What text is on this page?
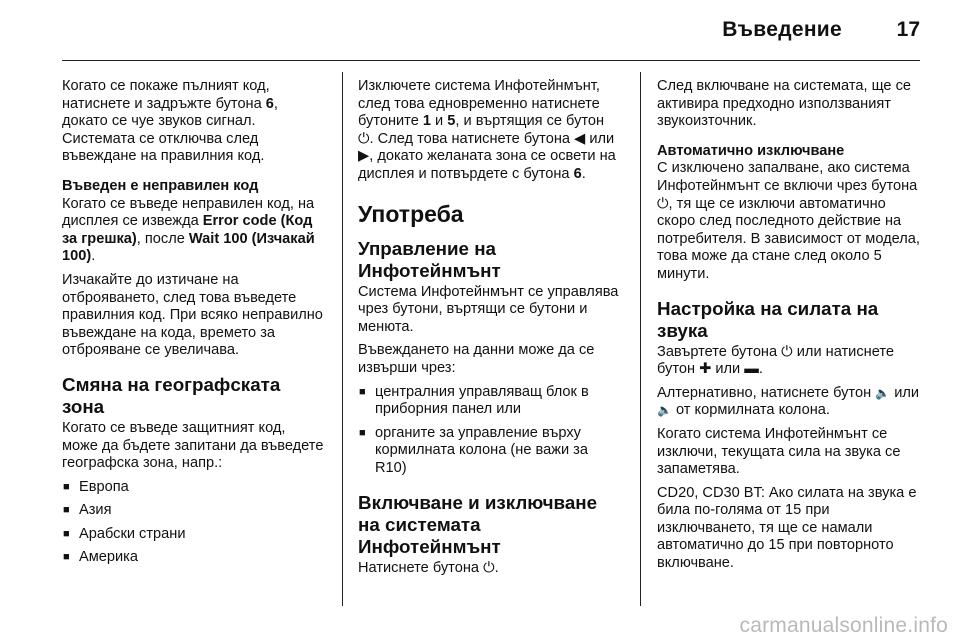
Въведение	17

Когато се покаже пълният код, натиснете и задръжте бутона 6, докато се чуе звуков сигнал. Системата се отключва след въвеждане на правилния код.

Въведен е неправилен код

Когато се въведе неправилен код, на дисплея се извежда Error code (Код за грешка), после Wait 100 (Изчакай 100).

Изчакайте до изтичане на отброяването, след това въведете правилния код. При всяко неправилно въвеждане на кода, времето за отброяване се увеличава.

Смяна на географската зона

Когато се въведе защитният код, може да бъдете запитани да въведете географска зона, напр.:

■ Европа
■ Азия
■ Арабски страни
■ Америка

Изключете система Инфотейнмънт, след това едновременно натиснете бутоните 1 и 5, и въртящия се бутон ⏻. След това натиснете бутона ◀ или ▶, докато желаната зона се освети на дисплея и потвърдете с бутона 6.

Употреба
Управление на Инфотейнмънт

Система Инфотейнмънт се управлява чрез бутони, въртящи се бутони и менюта.

Въвеждането на данни може да се извърши чрез:

■ централния управляващ блок в приборния панел или
■ органите за управление върху кормилната колона (не важи за R10)
Включване и изключване на системата Инфотейнмънт

Натиснете бутона ⏻.

След включване на системата, ще се активира предходно използваният звукоизточник.

Автоматично изключване

С изключено запалване, ако система Инфотейнмънт се включи чрез бутона ⏻, тя ще се изключи автоматично скоро след последното действие на потребителя. В зависимост от модела, това може да стане след около 5 минути.

Настройка на силата на звука

Завъртете бутона ⏻ или натиснете бутон ✚ или ▬.

Алтернативно, натиснете бутон 🔈 или 🔈 от кормилната колона.

Когато система Инфотейнмънт се изключи, текущата сила на звука се запаметява.

CD20, CD30 BT: Ако силата на звука е била по-голяма от 15 при изключването, тя ще се намали автоматично до 15 при повторното включване.

carmanualsonline.info
